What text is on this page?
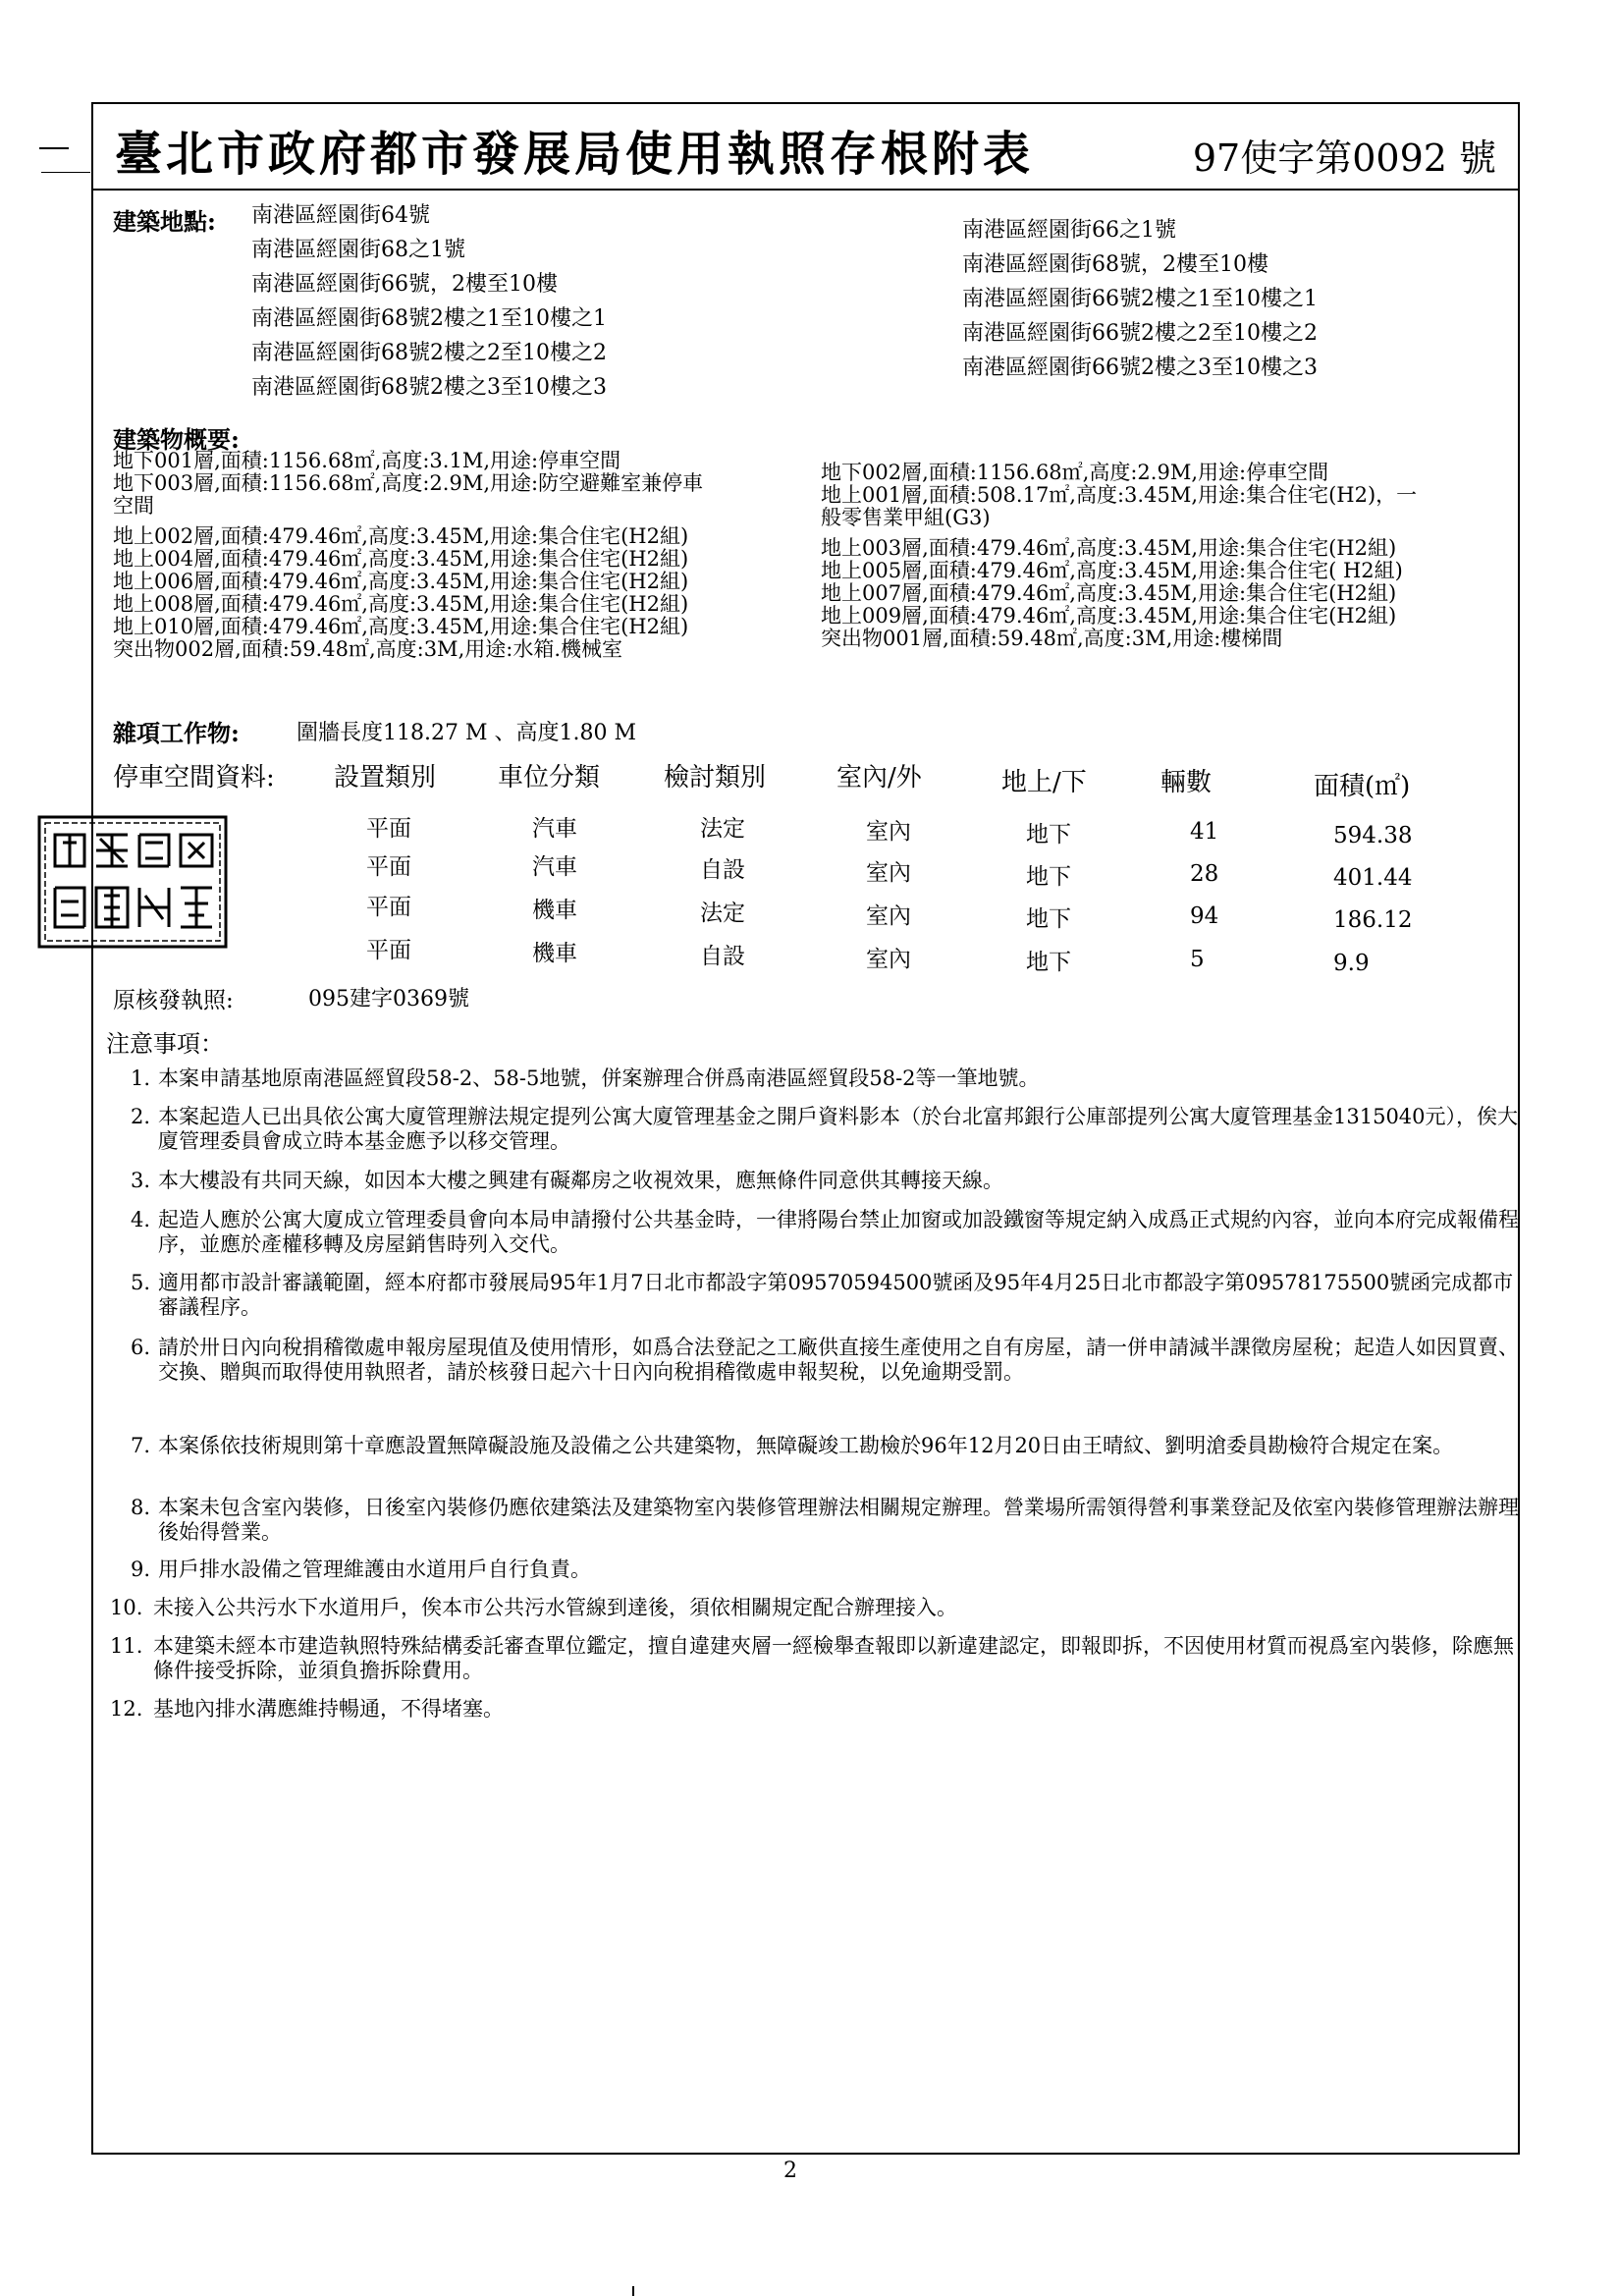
臺北市政府都市發展局使用執照存根附表	97使字第0092 號
建築地點: 南港區經園街64號
南港區經園街68之1號
南港區經園街66號，2樓至10樓
南港區經園街68號2樓之1至10樓之1
南港區經園街68號2樓之2至10樓之2
南港區經園街68號2樓之3至10樓之3
南港區經園街66之1號
南港區經園街68號，2樓至10樓
南港區經園街66號2樓之1至10樓之1
南港區經園街66號2樓之2至10樓之2
南港區經園街66號2樓之3至10樓之3
建築物概要:
地下001層,面積:1156.68㎡,高度:3.1M,用途:停車空間
地下003層,面積:1156.68㎡,高度:2.9M,用途:防空避難室兼停車
空間
地上002層,面積:479.46㎡,高度:3.45M,用途:集合住宅(H2組)
地上004層,面積:479.46㎡,高度:3.45M,用途:集合住宅(H2組)
地上006層,面積:479.46㎡,高度:3.45M,用途:集合住宅(H2組)
地上008層,面積:479.46㎡,高度:3.45M,用途:集合住宅(H2組)
地上010層,面積:479.46㎡,高度:3.45M,用途:集合住宅(H2組)
突出物002層,面積:59.48㎡,高度:3M,用途:水箱.機械室
地下002層,面積:1156.68㎡,高度:2.9M,用途:停車空間
地上001層,面積:508.17㎡,高度:3.45M,用途:集合住宅(H2)，一
般零售業甲組(G3)
地上003層,面積:479.46㎡,高度:3.45M,用途:集合住宅(H2組)
地上005層,面積:479.46㎡,高度:3.45M,用途:集合住宅( H2組)
地上007層,面積:479.46㎡,高度:3.45M,用途:集合住宅(H2組)
地上009層,面積:479.46㎡,高度:3.45M,用途:集合住宅(H2組)
突出物001層,面積:59.48㎡,高度:3M,用途:樓梯間
雜項工作物:	圍牆長度118.27 M 、高度1.80 M
停車空間資料: 設置類別 車位分類 檢討類別	室內/外	地上/下	輛數	面積(㎡)
平面	汽車	法定	室內	地下	41	594.38
平面	汽車	自設	室內	地下	28	401.44
平面	機車	法定	室內	地下	94	186.12
平面	機車	自設	室內	地下	5	9.9
原核發執照:	095建字0369號
注意事項：
1. 本案申請基地原南港區經貿段58-2、58-5地號，併案辦理合併爲南港區經貿段58-2等一筆地號。
2. 本案起造人已出具依公寓大廈管理辦法規定提列公寓大廈管理基金之開戶資料影本（於台北富邦銀行公庫部提列公寓大廈管理基金1315040元），俟大廈管理委員會成立時本基金應予以移交管理。
3. 本大樓設有共同天線，如因本大樓之興建有礙鄰房之收視效果，應無條件同意供其轉接天線。
4. 起造人應於公寓大廈成立管理委員會向本局申請撥付公共基金時，一律將陽台禁止加窗或加設鐵窗等規定納入成爲正式規約內容，並向本府完成報備程序，並應於產權移轉及房屋銷售時列入交代。
5. 適用都市設計審議範圍，經本府都市發展局95年1月7日北市都設字第09570594500號函及95年4月25日北市都設字第09578175500號函完成都市審議程序。
6. 請於卅日內向稅捐稽徵處申報房屋現值及使用情形，如爲合法登記之工廠供直接生產使用之自有房屋，請一併申請減半課徵房屋稅；起造人如因買賣、交換、贈與而取得使用執照者，請於核發日起六十日內向稅捐稽徵處申報契稅，以免逾期受罰。
7. 本案係依技術規則第十章應設置無障礙設施及設備之公共建築物，無障礙竣工勘檢於96年12月20日由王晴紋、劉明滄委員勘檢符合規定在案。
8. 本案未包含室內裝修，日後室內裝修仍應依建築法及建築物室內裝修管理辦法相關規定辦理。營業場所需領得營利事業登記及依室內裝修管理辦法辦理後始得營業。
9. 用戶排水設備之管理維護由水道用戶自行負責。
10. 未接入公共污水下水道用戶，俟本市公共污水管線到達後，須依相關規定配合辦理接入。
11. 本建築未經本市建造執照特殊結構委託審查單位鑑定，擅自違建夾層一經檢舉查報即以新違建認定，即報即拆，不因使用材質而視爲室內裝修，除應無條件接受拆除，並須負擔拆除費用。
12. 基地內排水溝應維持暢通，不得堵塞。
2
